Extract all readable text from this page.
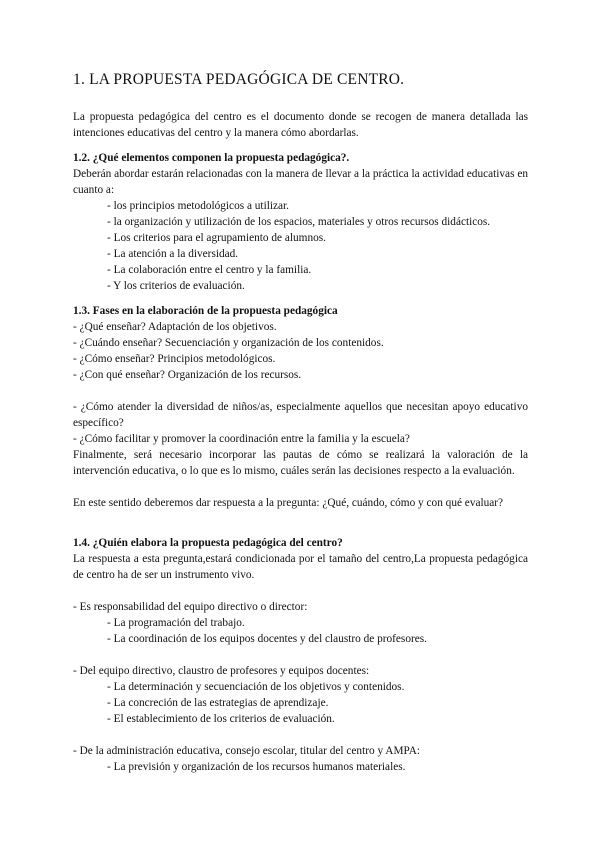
1. LA PROPUESTA PEDAGÓGICA DE CENTRO.
La propuesta pedagógica del centro es el documento donde se recogen de manera detallada las intenciones educativas del centro y la manera cómo abordarlas.
1.2. ¿Qué elementos componen la propuesta pedagógica?.
Deberán abordar estarán relacionadas con la manera de llevar a la práctica la actividad educativas en cuanto a:
- los principios metodológicos a utilizar.
- la organización y utilización de los espacios, materiales y otros recursos didácticos.
- Los criterios para el agrupamiento de alumnos.
- La atención a la diversidad.
- La colaboración entre el centro y la familia.
- Y los criterios de evaluación.
1.3. Fases en la elaboración de la propuesta pedagógica
- ¿Qué enseñar? Adaptación de los objetivos.
- ¿Cuándo enseñar? Secuenciación y organización de los contenidos.
- ¿Cómo enseñar? Principios metodológicos.
- ¿Con qué enseñar? Organización de los recursos.
- ¿Cómo atender la diversidad de niños/as, especialmente aquellos que necesitan apoyo educativo específico?
- ¿Cómo facilitar y promover la coordinación entre la familia y la escuela?
Finalmente, será necesario incorporar las pautas de cómo se realizará la valoración de la intervención educativa, o lo que es lo mismo, cuáles serán las decisiones respecto a la evaluación.
En este sentido deberemos dar respuesta a la pregunta: ¿Qué, cuándo, cómo y con qué evaluar?
1.4. ¿Quién elabora la propuesta pedagógica del centro?
La respuesta a esta pregunta,estará condicionada por el tamaño del centro,La propuesta pedagógica de centro ha de ser un instrumento vivo.
- Es responsabilidad del equipo directivo o director:
- La programación del trabajo.
- La coordinación de los equipos docentes y del claustro de profesores.
- Del equipo directivo, claustro de profesores y equipos docentes:
- La determinación y secuenciación de los objetivos y contenidos.
- La concreción de las estrategias de aprendizaje.
- El establecimiento de los criterios de evaluación.
- De la administración educativa, consejo escolar, titular del centro y AMPA:
- La previsión y organización de los recursos humanos materiales.
